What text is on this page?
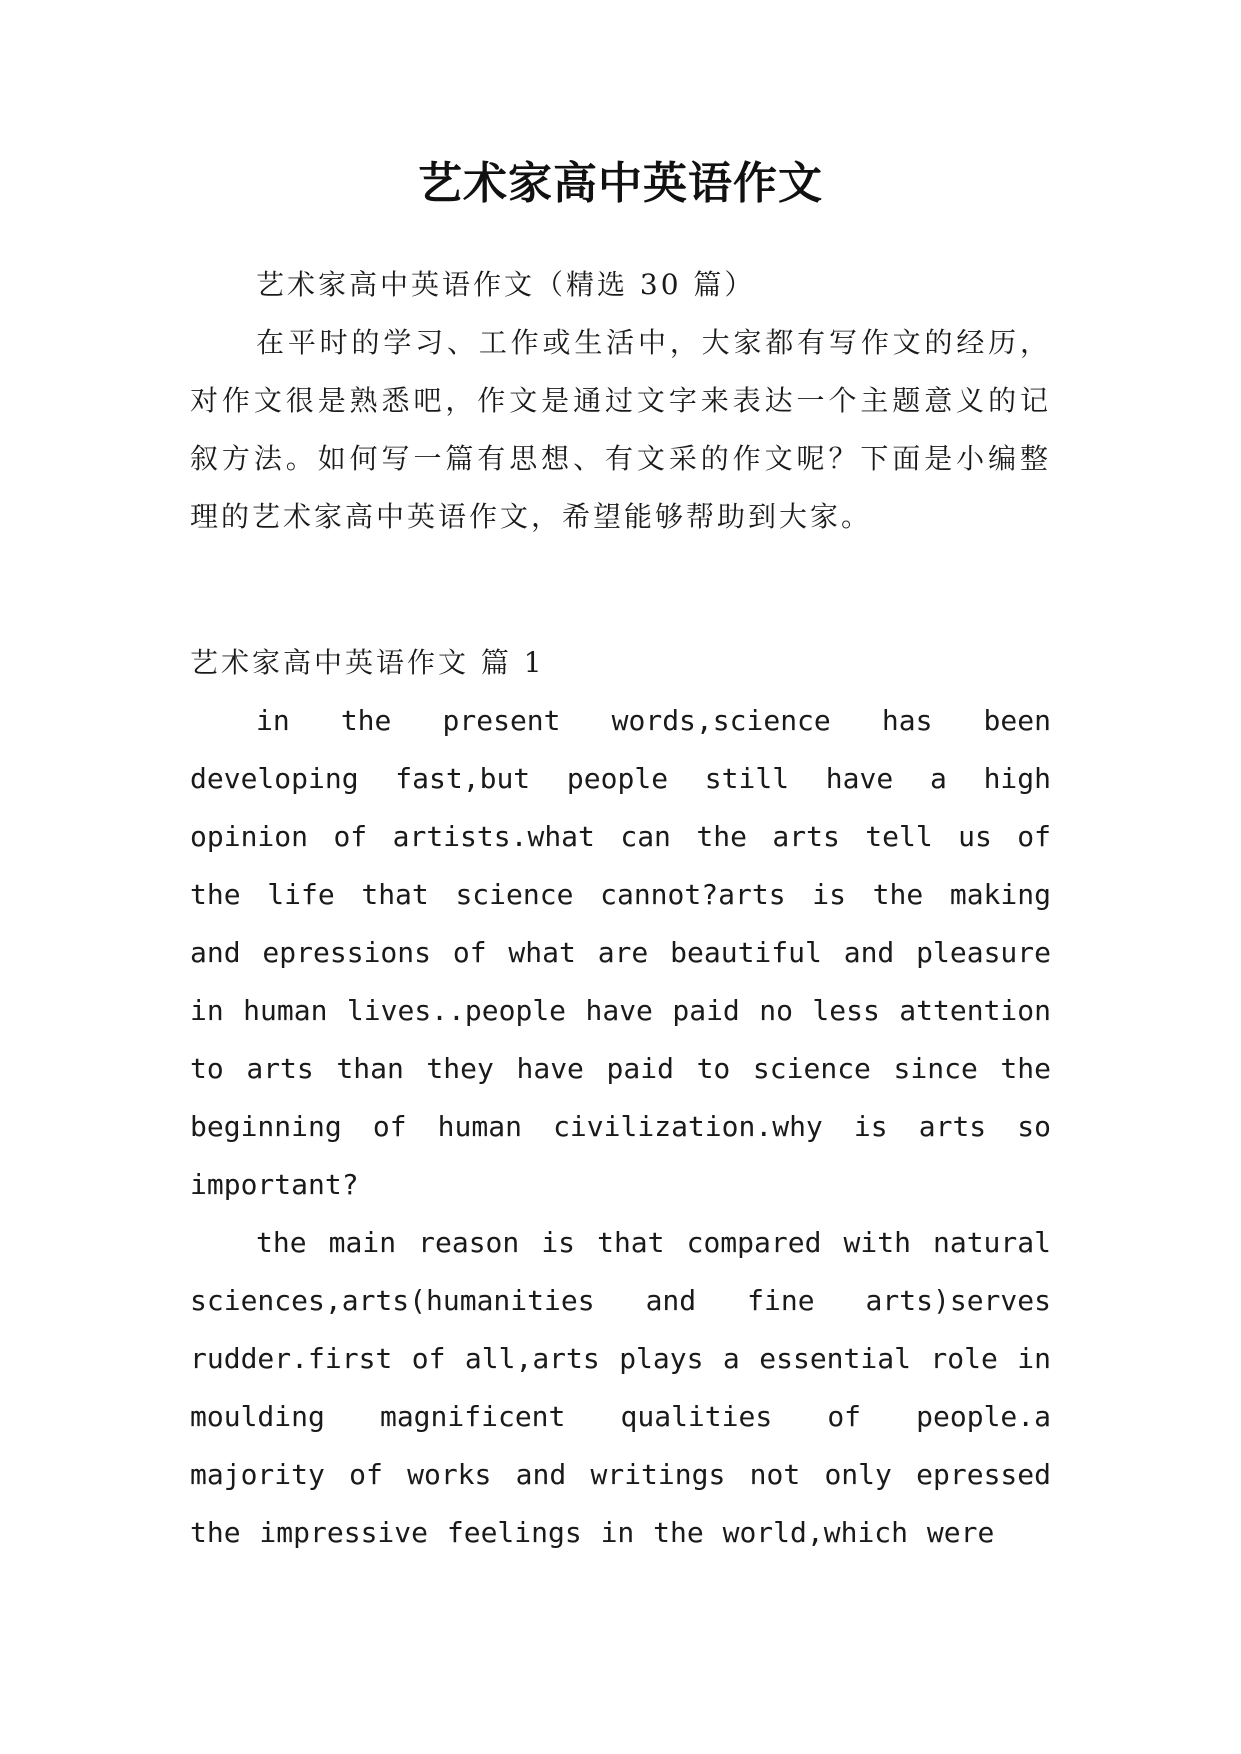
艺术家高中英语作文

艺术家高中英语作文（精选 30 篇）

在平时的学习、工作或生活中，大家都有写作文的经历，对作文很是熟悉吧，作文是通过文字来表达一个主题意义的记叙方法。如何写一篇有思想、有文采的作文呢？下面是小编整理的艺术家高中英语作文，希望能够帮助到大家。

艺术家高中英语作文 篇 1

in the present words,science has been developing fast,but people still have a high opinion of artists.what can the arts tell us of the life that science cannot?arts is the making and epressions of what are beautiful and pleasure in human lives..people have paid no less attention to arts than they have paid to science since the beginning of human civilization.why is arts so important?

the main reason is that compared with natural sciences,arts(humanities and fine arts)serves rudder.first of all,arts plays a essential role in moulding magnificent qualities of people.a majority of works and writings not only epressed the impressive feelings in the world,which were
